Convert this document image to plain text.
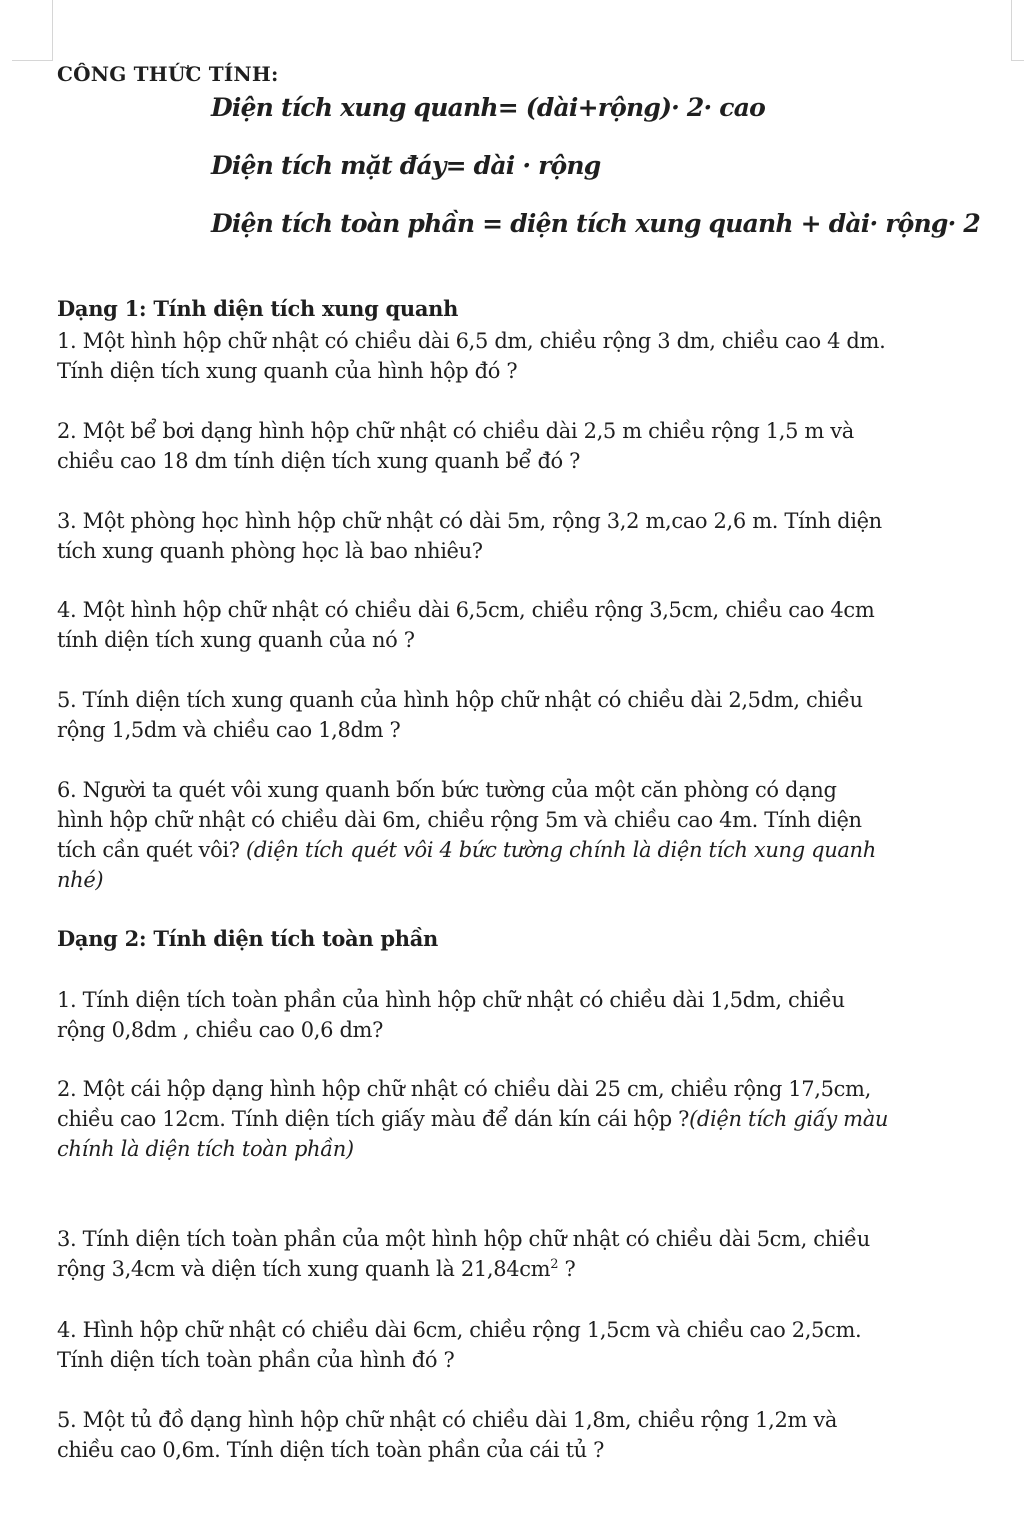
CÔNG THỨC TÍNH:
Diện tích xung quanh= (dài+rộng)· 2· cao
Diện tích mặt đáy= dài · rộng
Diện tích toàn phần = diện tích xung quanh + dài· rộng· 2
Dạng 1: Tính diện tích xung quanh
1. Một hình hộp chữ nhật có chiều dài 6,5 dm, chiều rộng 3 dm, chiều cao 4 dm.
Tính diện tích xung quanh của hình hộp đó ?
2. Một bể bơi dạng hình hộp chữ nhật có chiều dài 2,5 m chiều rộng 1,5 m và
chiều cao 18 dm tính diện tích xung quanh bể đó ?
3. Một phòng học hình hộp chữ nhật có dài 5m, rộng 3,2 m,cao 2,6 m. Tính diện
tích xung quanh phòng học là bao nhiêu?
4. Một hình hộp chữ nhật có chiều dài 6,5cm, chiều rộng 3,5cm, chiều cao 4cm
tính diện tích xung quanh của nó ?
5. Tính diện tích xung quanh của hình hộp chữ nhật có chiều dài 2,5dm, chiều
rộng 1,5dm và chiều cao 1,8dm ?
6. Người ta quét vôi xung quanh bốn bức tường của một căn phòng có dạng
hình hộp chữ nhật có chiều dài 6m, chiều rộng 5m và chiều cao 4m. Tính diện
tích cần quét vôi? (diện tích quét vôi 4 bức tường chính là diện tích xung quanh
nhé)
Dạng 2: Tính diện tích toàn phần
1. Tính diện tích toàn phần của hình hộp chữ nhật có chiều dài 1,5dm, chiều
rộng 0,8dm , chiều cao 0,6 dm?
2. Một cái hộp dạng hình hộp chữ nhật có chiều dài 25 cm, chiều rộng 17,5cm,
chiều cao 12cm. Tính diện tích giấy màu để dán kín cái hộp ?(diện tích giấy màu
chính là diện tích toàn phần)
3. Tính diện tích toàn phần của một hình hộp chữ nhật có chiều dài 5cm, chiều
rộng 3,4cm và diện tích xung quanh là $21,84cm^2$ ?
4. Hình hộp chữ nhật có chiều dài 6cm, chiều rộng 1,5cm và chiều cao 2,5cm.
Tính diện tích toàn phần của hình đó ?
5. Một tủ đồ dạng hình hộp chữ nhật có chiều dài 1,8m, chiều rộng 1,2m và
chiều cao 0,6m. Tính diện tích toàn phần của cái tủ ?
